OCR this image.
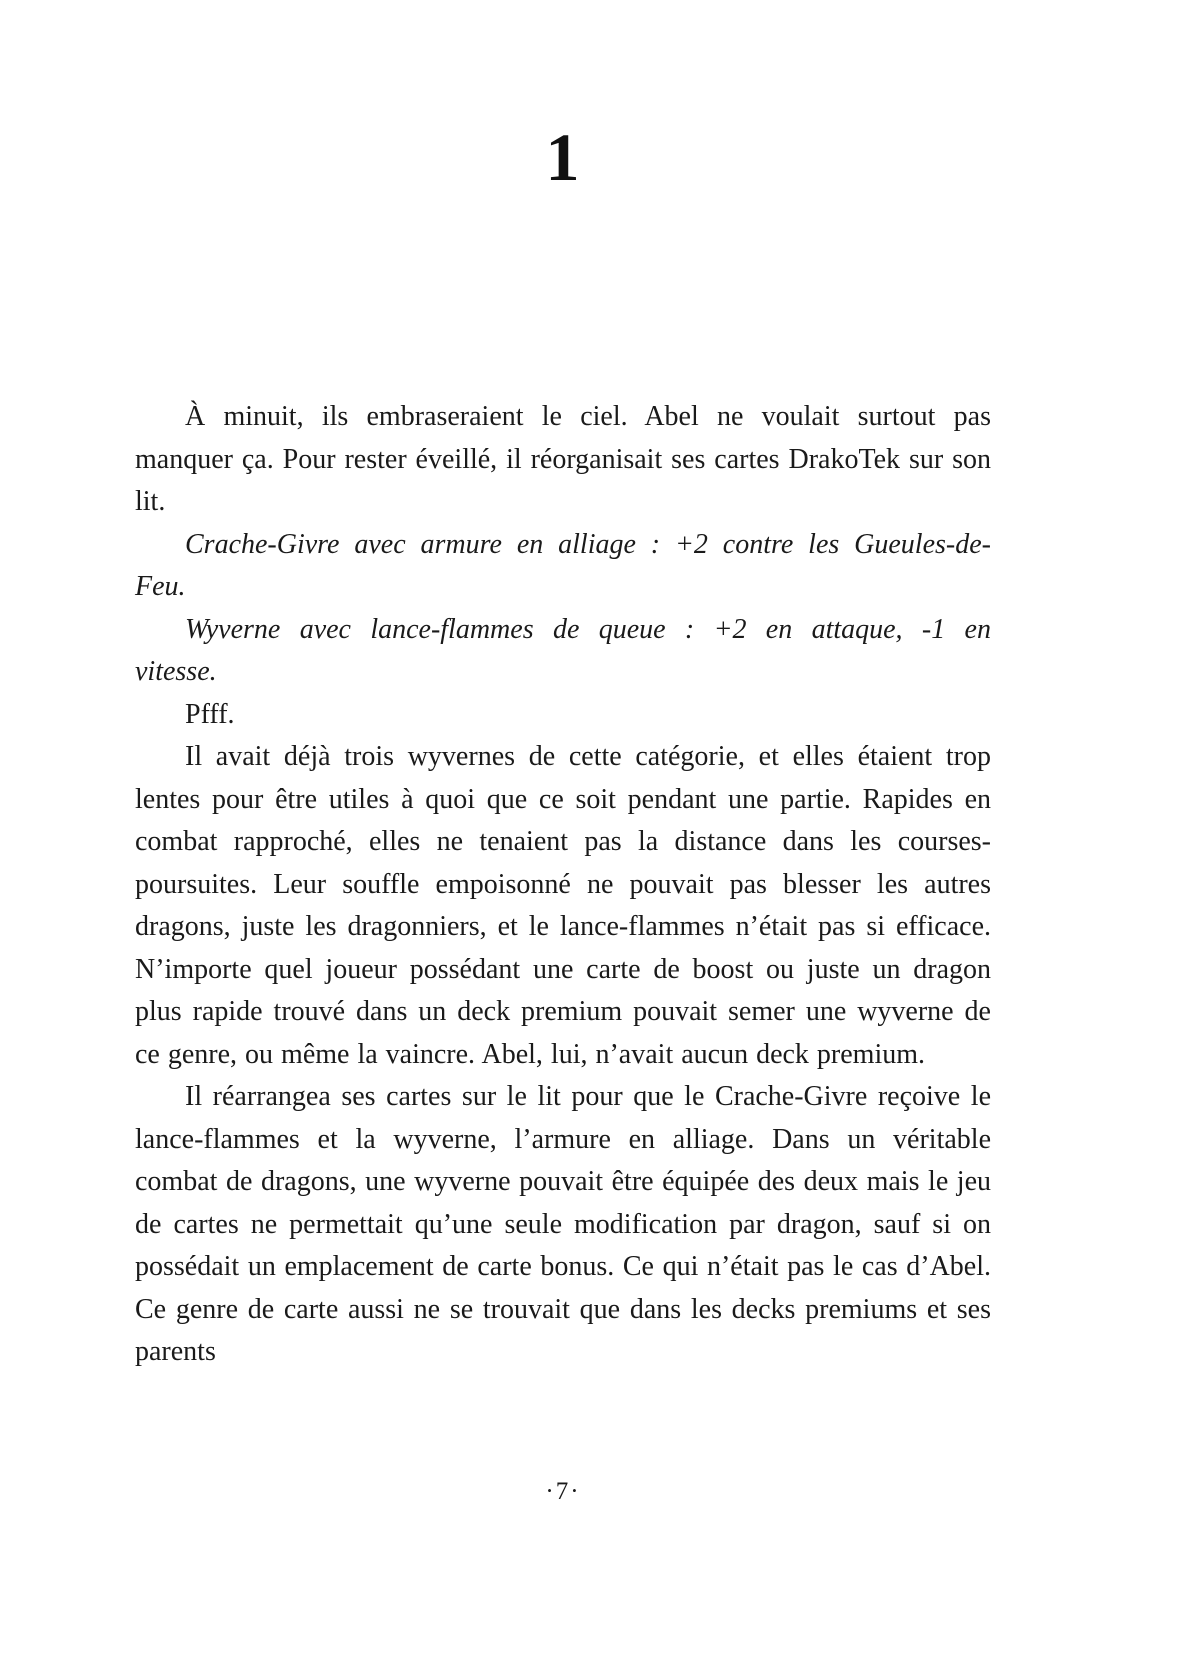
1

À minuit, ils embraseraient le ciel. Abel ne voulait surtout pas manquer ça. Pour rester éveillé, il réorganisait ses cartes DrakoTek sur son lit.

Crache-Givre avec armure en alliage : +2 contre les Gueules-de-Feu.

Wyverne avec lance-flammes de queue : +2 en attaque, -1 en vitesse.

Pfff.

Il avait déjà trois wyvernes de cette catégorie, et elles étaient trop lentes pour être utiles à quoi que ce soit pendant une partie. Rapides en combat rapproché, elles ne tenaient pas la distance dans les courses-poursuites. Leur souffle empoisonné ne pouvait pas blesser les autres dragons, juste les dragonniers, et le lance-flammes n’était pas si efficace. N’importe quel joueur possédant une carte de boost ou juste un dragon plus rapide trouvé dans un deck premium pouvait semer une wyverne de ce genre, ou même la vaincre. Abel, lui, n’avait aucun deck premium.

Il réarrangea ses cartes sur le lit pour que le Crache-Givre reçoive le lance-flammes et la wyverne, l’armure en alliage. Dans un véritable combat de dragons, une wyverne pouvait être équipée des deux mais le jeu de cartes ne permettait qu’une seule modification par dragon, sauf si on possédait un emplacement de carte bonus. Ce qui n’était pas le cas d’Abel. Ce genre de carte aussi ne se trouvait que dans les decks premiums et ses parents

·7·
